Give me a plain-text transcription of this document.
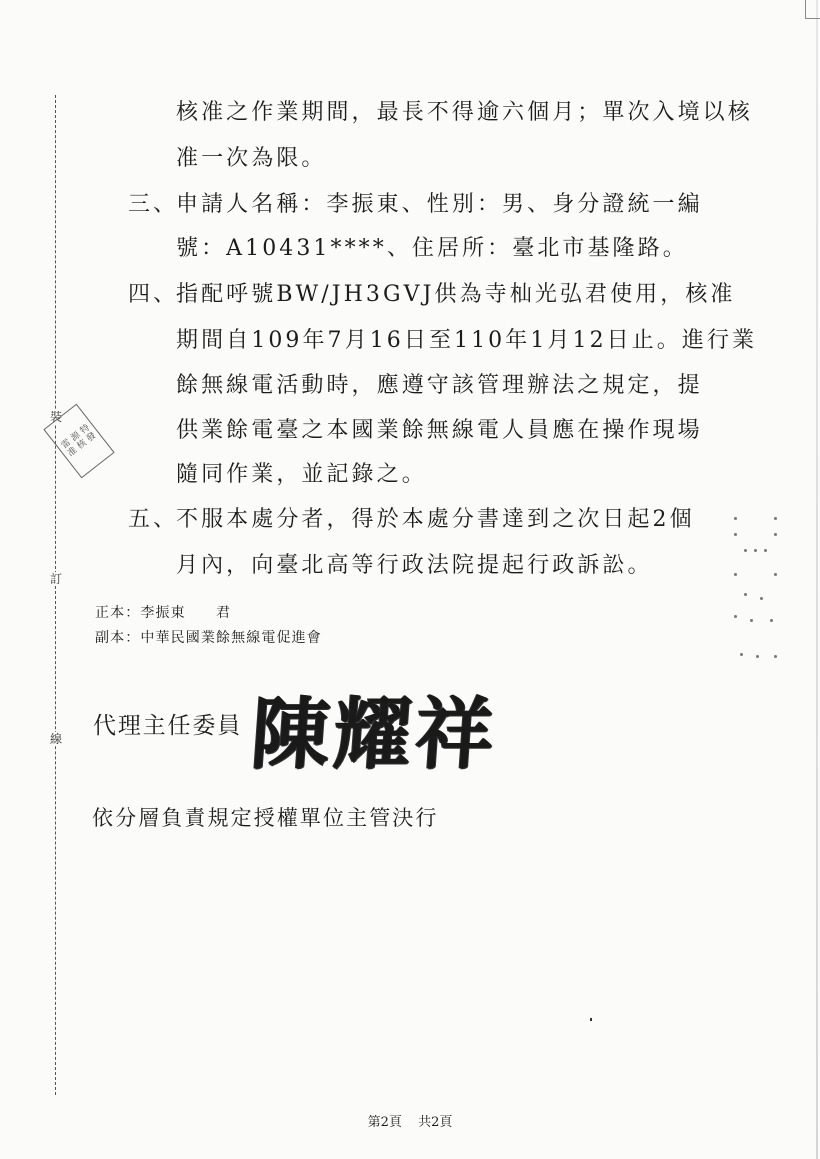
裝
訂
線
雷
源
特
准
核
發
核准之作業期間，最長不得逾六個月；單次入境以核
准一次為限。
三、
申請人名稱：李振東、性別：男、身分證統一編
號：A10431****、住居所：臺北市基隆路。
四、
指配呼號BW/JH3GVJ供為寺杣光弘君使用，核准
期間自109年7月16日至110年1月12日止。進行業
餘無線電活動時，應遵守該管理辦法之規定，提
供業餘電臺之本國業餘無線電人員應在操作現場
隨同作業，並記錄之。
五、
不服本處分者，得於本處分書達到之次日起2個
月內，向臺北高等行政法院提起行政訴訟。
正本：李振東　　君
副本：中華民國業餘無線電促進會
代理主任委員 陳耀祥
依分層負責規定授權單位主管決行
第2頁 共2頁
